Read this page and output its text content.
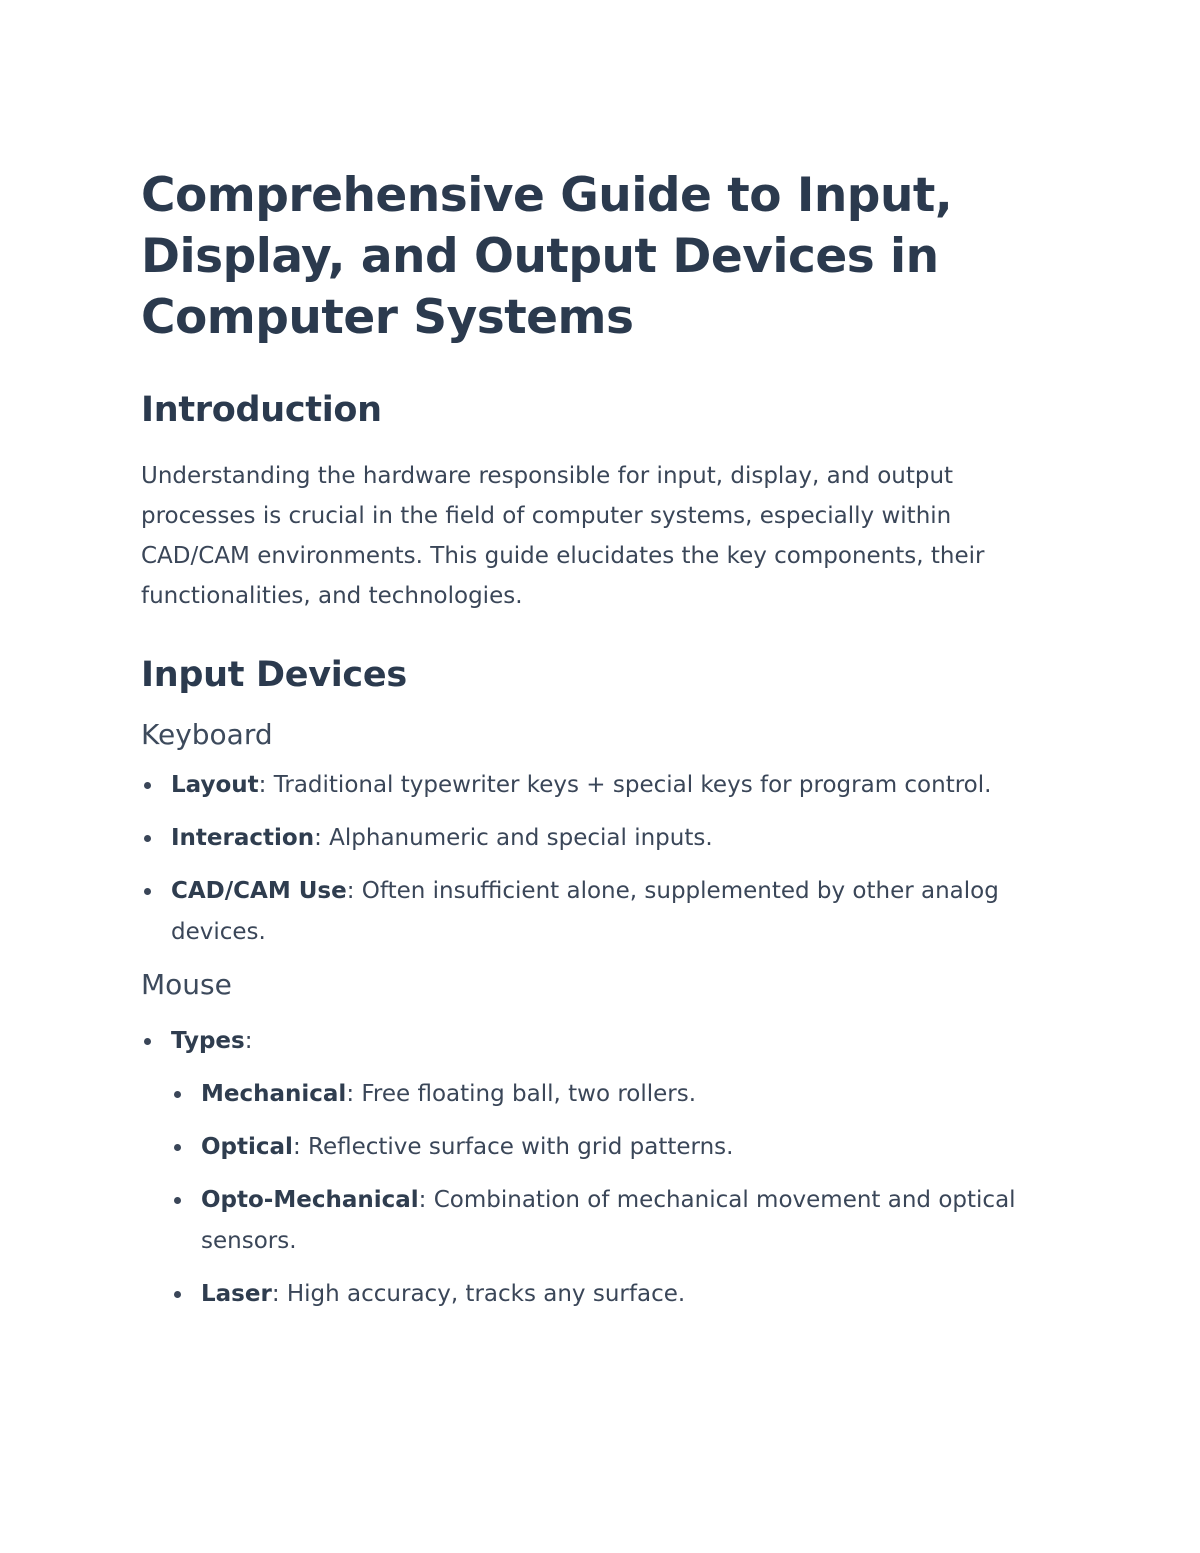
Comprehensive Guide to Input, Display, and Output Devices in Computer Systems
Introduction

Understanding the hardware responsible for input, display, and output processes is crucial in the field of computer systems, especially within CAD/CAM environments. This guide elucidates the key components, their functionalities, and technologies.

Input Devices
Keyboard
Layout: Traditional typewriter keys + special keys for program control.
Interaction: Alphanumeric and special inputs.
CAD/CAM Use: Often insufficient alone, supplemented by other analog devices.
Mouse
Types:
Mechanical: Free floating ball, two rollers.
Optical: Reflective surface with grid patterns.
Opto-Mechanical: Combination of mechanical movement and optical sensors.
Laser: High accuracy, tracks any surface.
